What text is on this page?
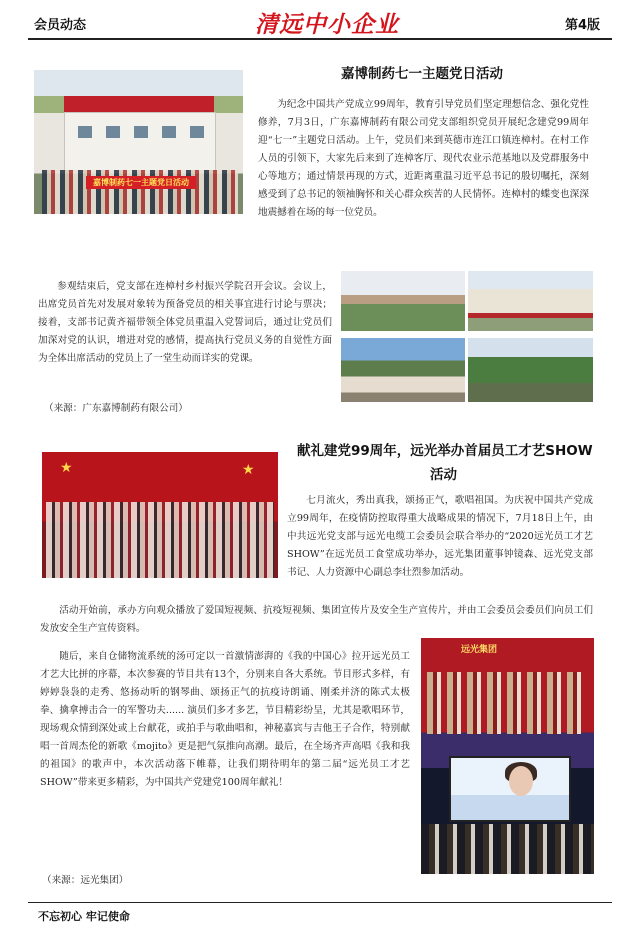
会员动态	清远中小企业	第4版
嘉博制药七一主题党日活动
嘉博制药七一主题党日活动

为纪念中国共产党成立99周年，教育引导党员们坚定理想信念、强化党性修养，7月3日，广东嘉博制药有限公司党支部组织党员开展纪念建党99周年迎“七一”主题党日活动。上午，党员们来到英德市连江口镇连樟村。在村工作人员的引领下，大家先后来到了连樟客厅、现代农业示范基地以及党群服务中心等地方；通过情景再现的方式，近距离重温习近平总书记的殷切嘱托，深刻感受到了总书记的领袖胸怀和关心群众疾苦的人民情怀。连樟村的蝶变也深深地震撼着在场的每一位党员。

参观结束后，党支部在连樟村乡村振兴学院召开会议。会议上，出席党员首先对发展对象转为预备党员的相关事宜进行讨论与票决；接着，支部书记黄齐福带领全体党员重温入党誓词后，通过让党员们加深对党的认识，增进对党的感情，提高执行党员义务的自觉性方面为全体出席活动的党员上了一堂生动而详实的党课。

（来源：广东嘉博制药有限公司）
献礼建党99周年，远光举办首届员工才艺SHOW
活动
★	★

七月流火，秀出真我，颂扬正气，歌唱祖国。为庆祝中国共产党成立99周年，在疫情防控取得重大战略成果的情况下，7月18日上午，由中共远光党支部与远光电缆工会委员会联合举办的“2020远光员工才艺SHOW”在远光员工食堂成功举办，远光集团董事钟镜森、远光党支部书记、人力资源中心副总李壮烈参加活动。

活动开始前，承办方向观众播放了爱国短视频、抗疫短视频、集团宣传片及安全生产宣传片，并由工会委员会委员们向员工们发放安全生产宣传资料。

随后，来自仓储物流系统的汤可定以一首激情澎湃的《我的中国心》拉开远光员工才艺大比拼的序幕，本次参赛的节目共有13个，分别来自各大系统。节目形式多样，有婷婷袅袅的走秀、悠扬动听的钢琴曲、颂扬正气的抗疫诗朗诵、刚柔并济的陈式太极拳、擒拿搏击合一的军警功夫...... 演员们多才多艺，节目精彩纷呈，尤其是歌唱环节，现场观众情到深处或上台献花，或拍手与歌曲唱和，神秘嘉宾与吉他王子合作，特别献唱一首周杰伦的新歌《mojito》更是把气氛推向高潮。最后，在全场齐声高唱《我和我的祖国》的歌声中，本次活动落下帷幕，让我们期待明年的第二届“远光员工才艺SHOW”带来更多精彩，为中国共产党建党100周年献礼！

（来源：远光集团）
远光集团
不忘初心 牢记使命
